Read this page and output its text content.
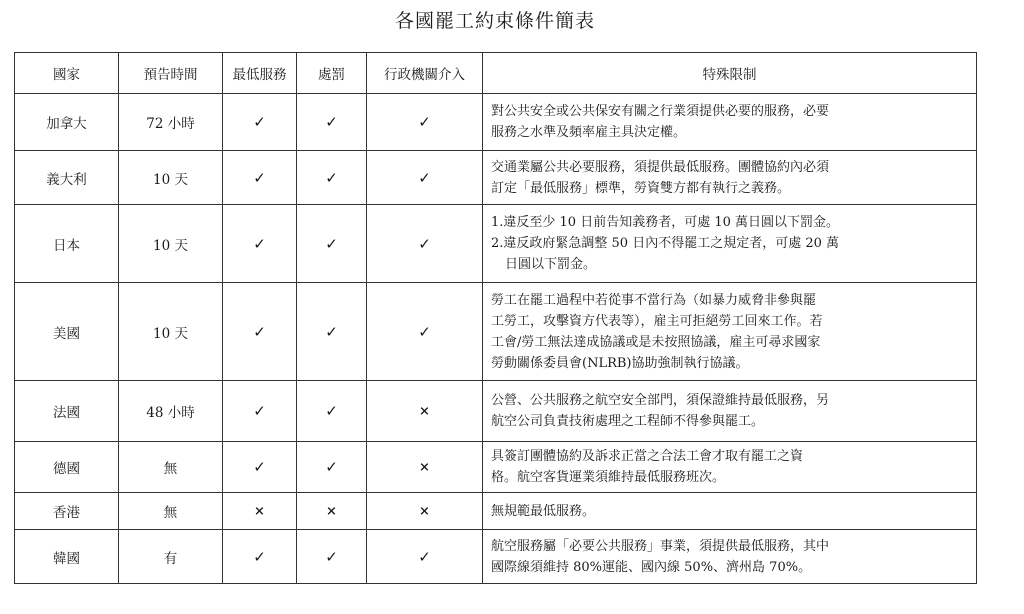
各國罷工約束條件簡表
國家	預告時間	最低服務	處罰	行政機關介入	特殊限制
加拿大	72 小時	✓	✓	✓	對公共安全或公共保安有關之行業須提供必要的服務，必要
服務之水準及頻率雇主具決定權。

義大利	10 天	✓	✓	✓	交通業屬公共必要服務，須提供最低服務。團體協約內必須
訂定「最低服務」標準，勞資雙方都有執行之義務。

日本	10 天	✓	✓	✓	1.違反至少 10 日前告知義務者，可處 10 萬日圓以下罰金。
2.違反政府緊急調整 50 日內不得罷工之規定者，可處 20 萬
日圓以下罰金。

美國	10 天	✓	✓	✓	勞工在罷工過程中若從事不當行為（如暴力威脅非參與罷
工勞工，攻擊資方代表等），雇主可拒絕勞工回來工作。若
工會/勞工無法達成協議或是未按照協議，雇主可尋求國家
勞動關係委員會(NLRB)協助強制執行協議。

法國	48 小時	✓	✓	×	公營、公共服務之航空安全部門，須保證維持最低服務，另
航空公司負責技術處理之工程師不得參與罷工。

德國	無	✓	✓	×	具簽訂團體協約及訴求正當之合法工會才取有罷工之資
格。航空客貨運業須維持最低服務班次。

香港	無	×	×	×	無規範最低服務。

韓國	有	✓	✓	✓	航空服務屬「必要公共服務」事業，須提供最低服務，其中
國際線須維持 80%運能、國內線 50%、濟州島 70%。
